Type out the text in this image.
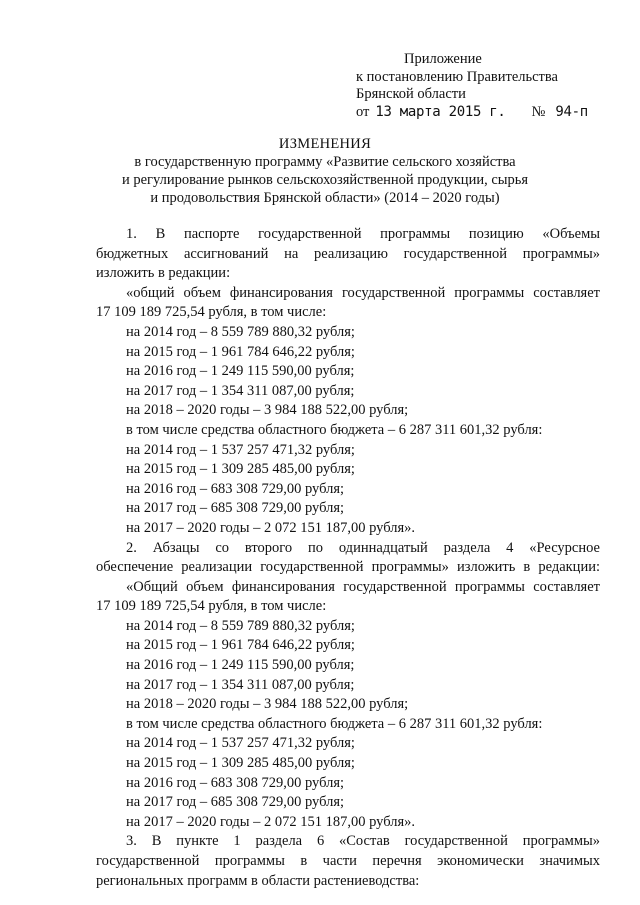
Приложение
к постановлению Правительства
Брянской области
от 13 марта 2015 г. № 94-п
ИЗМЕНЕНИЯ
в государственную программу «Развитие сельского хозяйства
и регулирование рынков сельскохозяйственной продукции, сырья
и продовольствия Брянской области» (2014 – 2020 годы)

1. В паспорте государственной программы позицию «Объемы

бюджетных ассигнований на реализацию государственной программы»

изложить в редакции:

«общий объем финансирования государственной программы составляет

17 109 189 725,54 рубля, в том числе:

на 2014 год – 8 559 789 880,32 рубля;

на 2015 год – 1 961 784 646,22 рубля;

на 2016 год – 1 249 115 590,00 рубля;

на 2017 год – 1 354 311 087,00 рубля;

на 2018 – 2020 годы – 3 984 188 522,00 рубля;

в том числе средства областного бюджета – 6 287 311 601,32 рубля:

на 2014 год – 1 537 257 471,32 рубля;

на 2015 год – 1 309 285 485,00 рубля;

на 2016 год – 683 308 729,00 рубля;

на 2017 год – 685 308 729,00 рубля;

на 2017 – 2020 годы – 2 072 151 187,00 рубля».

2. Абзацы со второго по одиннадцатый раздела 4 «Ресурсное

обеспечение реализации государственной программы» изложить в редакции:

«Общий объем финансирования государственной программы составляет

17 109 189 725,54 рубля, в том числе:

на 2014 год – 8 559 789 880,32 рубля;

на 2015 год – 1 961 784 646,22 рубля;

на 2016 год – 1 249 115 590,00 рубля;

на 2017 год – 1 354 311 087,00 рубля;

на 2018 – 2020 годы – 3 984 188 522,00 рубля;

в том числе средства областного бюджета – 6 287 311 601,32 рубля:

на 2014 год – 1 537 257 471,32 рубля;

на 2015 год – 1 309 285 485,00 рубля;

на 2016 год – 683 308 729,00 рубля;

на 2017 год – 685 308 729,00 рубля;

на 2017 – 2020 годы – 2 072 151 187,00 рубля».

3. В пункте 1 раздела 6 «Состав государственной программы»

государственной программы в части перечня экономически значимых

региональных программ в области растениеводства:
